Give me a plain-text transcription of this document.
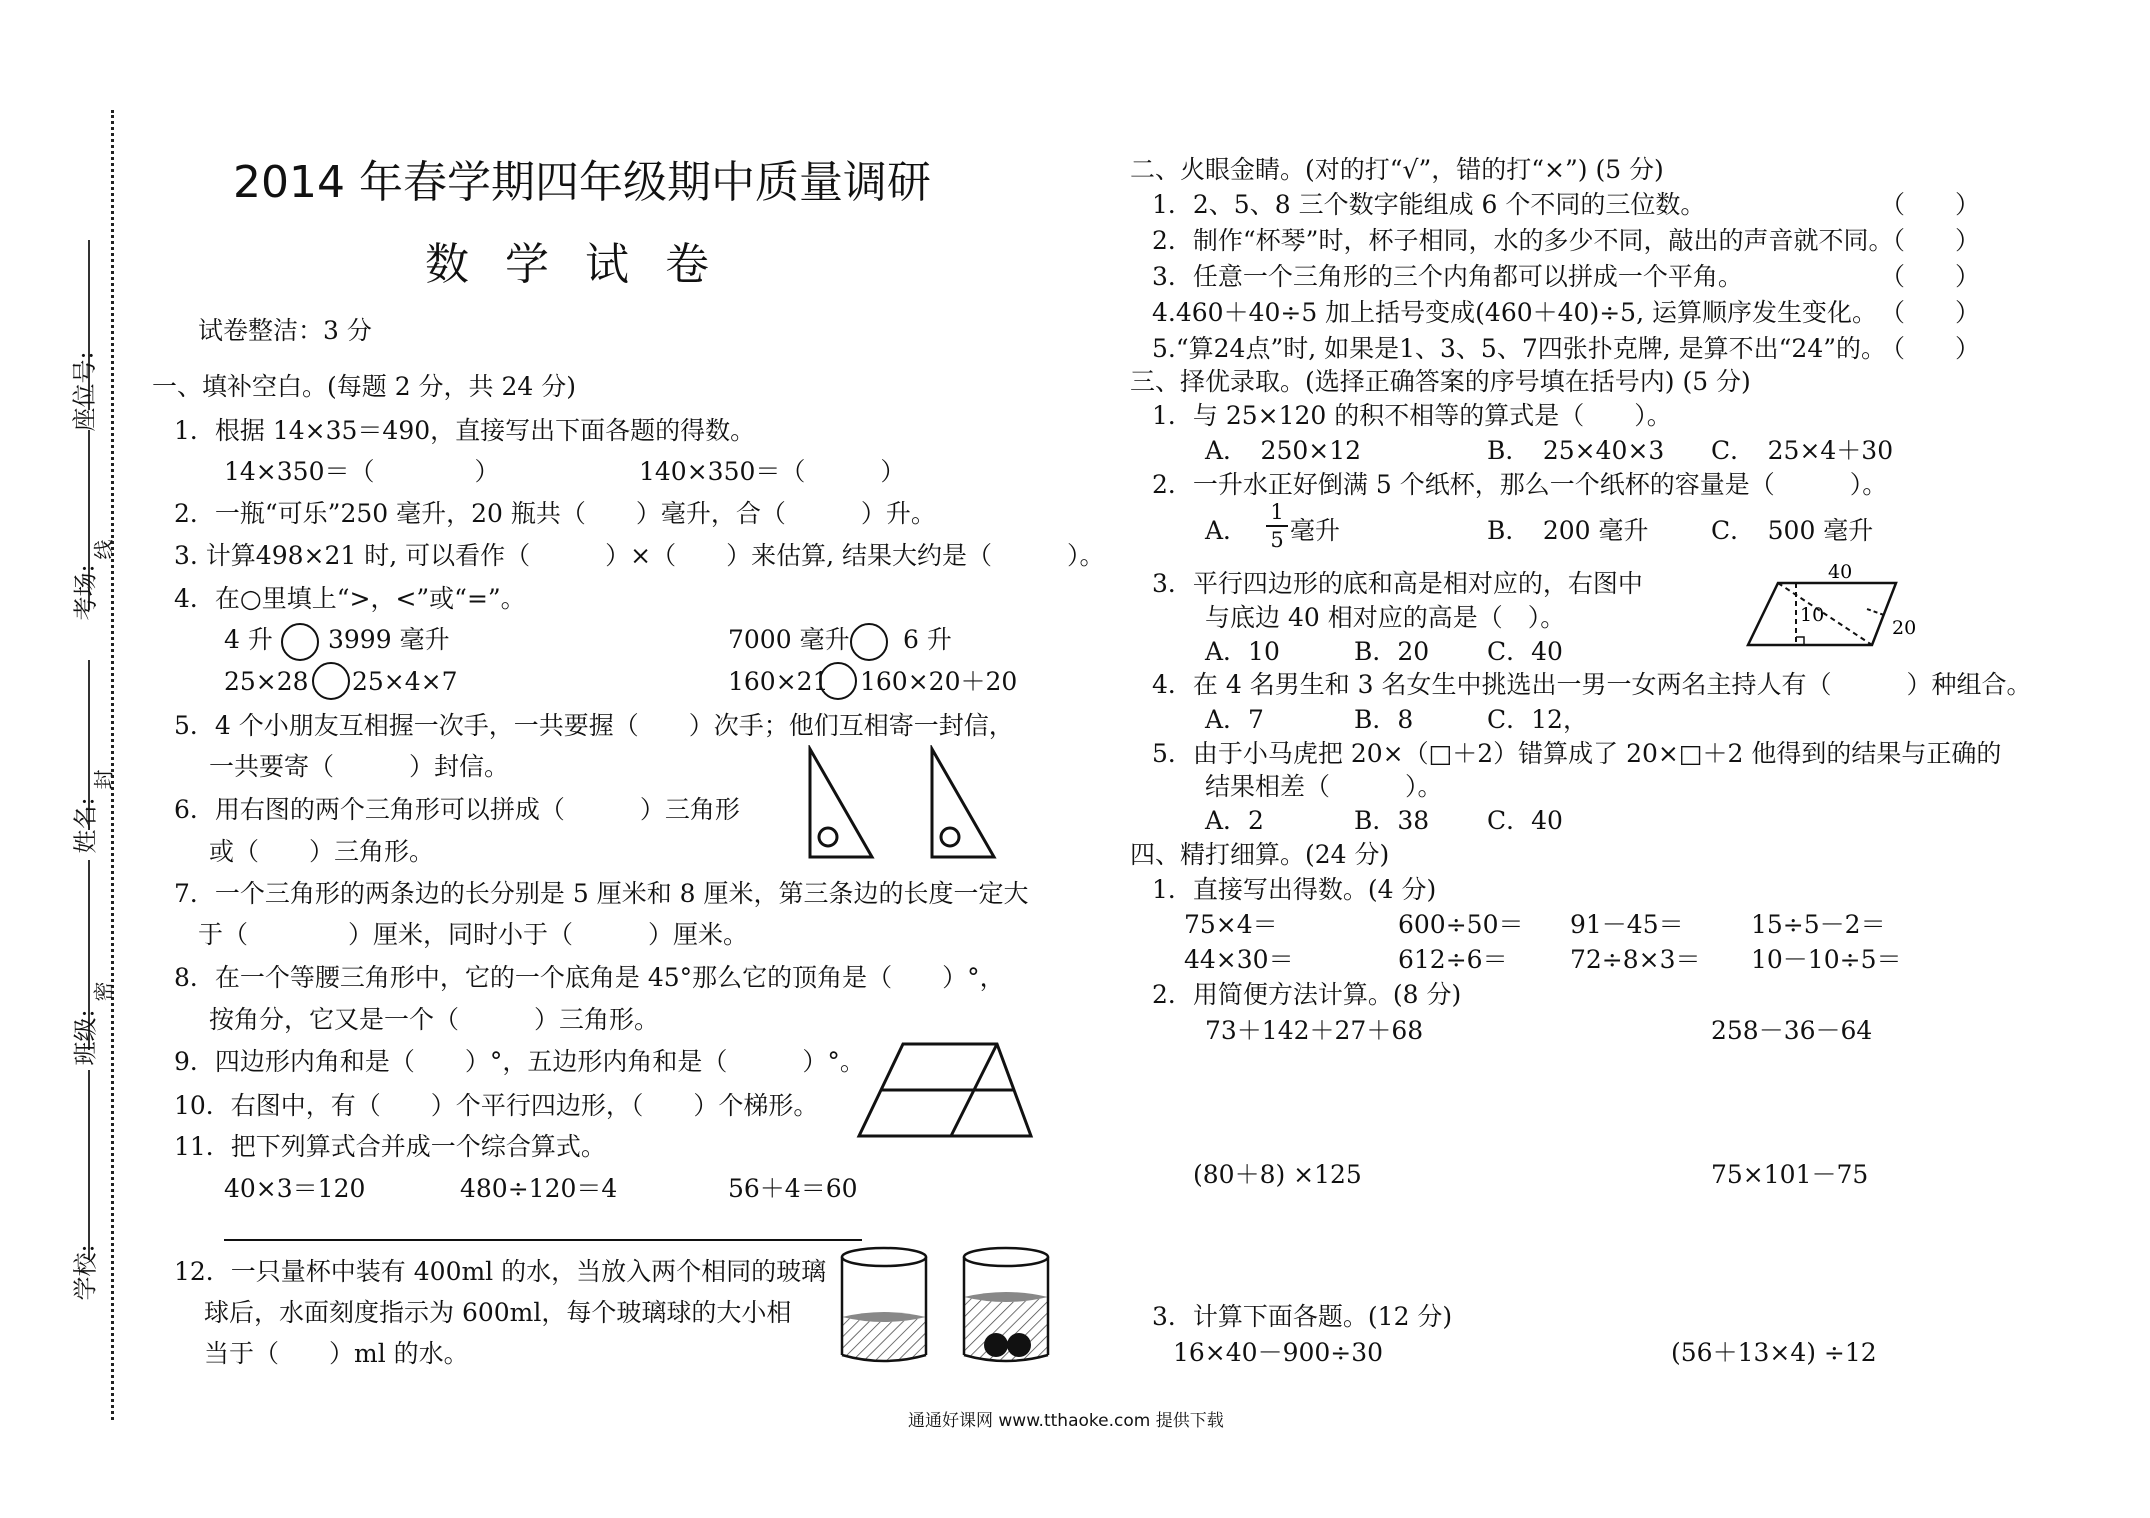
座位号:
考场:
姓名:
班级:
学校:
线
封
密
2014 年春学期四年级期中质量调研
数学试卷
试卷整洁：3 分
一、填补空白。(每题 2 分，共 24 分)
1．根据 14×35＝490，直接写出下面各题的得数。
14×350＝（　　　　）	140×350＝（　　　）
2．一瓶“可乐”250 毫升，20 瓶共（　　）毫升，合（　　　）升。
3. 计算498×21 时, 可以看作（　　　）×（　　）来估算, 结果大约是（　　　）。
4．在○里填上“>，<”或“=”。
4 升 3999 毫升	7000 毫升 6 升
25×28 25×4×7	160×21 160×20＋20
5．4 个小朋友互相握一次手，一共要握（　　）次手；他们互相寄一封信，
一共要寄（　　　）封信。
6．用右图的两个三角形可以拼成（　　　）三角形
或（　　）三角形。
7．一个三角形的两条边的长分别是 5 厘米和 8 厘米，第三条边的长度一定大
于（　　　　）厘米，同时小于（　　　）厘米。
8．在一个等腰三角形中，它的一个底角是 45°那么它的顶角是（　　）°，
按角分，它又是一个（　　　）三角形。
9．四边形内角和是（　　）°，五边形内角和是（　　　）°。
10．右图中，有（　　）个平行四边形，（　　）个梯形。
11．把下列算式合并成一个综合算式。
40×3＝120	480÷120＝4	56＋4＝60
12．一只量杯中装有 400ml 的水，当放入两个相同的玻璃
球后，水面刻度指示为 600ml，每个玻璃球的大小相
当于（　　）ml 的水。
二、火眼金睛。(对的打“√”，错的打“×”) (5 分)
1．2、5、8 三个数字能组成 6 个不同的三位数。
2．制作“杯琴”时，杯子相同，水的多少不同，敲出的声音就不同。
3．任意一个三角形的三个内角都可以拼成一个平角。
4.460＋40÷5 加上括号变成(460＋40)÷5, 运算顺序发生变化。
5.“算24点”时, 如果是1、3、5、7四张扑克牌, 是算不出“24”的。
（　　）
（　　）
（　　）
（　　）
（　　）
三、择优录取。(选择正确答案的序号填在括号内) (5 分)
1．与 25×120 的积不相等的算式是（　　）。
A．　250×12	B．　25×40×3 C．　25×4＋30
2．一升水正好倒满 5 个纸杯，那么一个纸杯的容量是（　　　）。
A．
1
5 毫升	B．　200 毫升 C．　500 毫升
3．平行四边形的底和高是相对应的，右图中
与底边 40 相对应的高是（　）。
A．10	B．20 C．40
40
10
20
4．在 4 名男生和 3 名女生中挑选出一男一女两名主持人有（　　　）种组合。
A．7	B．8	C．12，
5．由于小马虎把 20×（□＋2）错算成了 20×□＋2 他得到的结果与正确的
结果相差（　　　）。
A．2	B．38 C．40
四、精打细算。(24 分)
1．直接写出得数。(4 分)
75×4＝	600÷50＝ 91－45＝	15÷5－2＝
44×30＝	612÷6＝ 72÷8×3＝ 10－10÷5＝
2．用简便方法计算。(8 分)
73＋142＋27＋68	258－36－64
(80＋8) ×125	75×101－75
3．计算下面各题。(12 分)
16×40－900÷30	(56＋13×4) ÷12
通通好课网 www.tthaoke.com 提供下载
